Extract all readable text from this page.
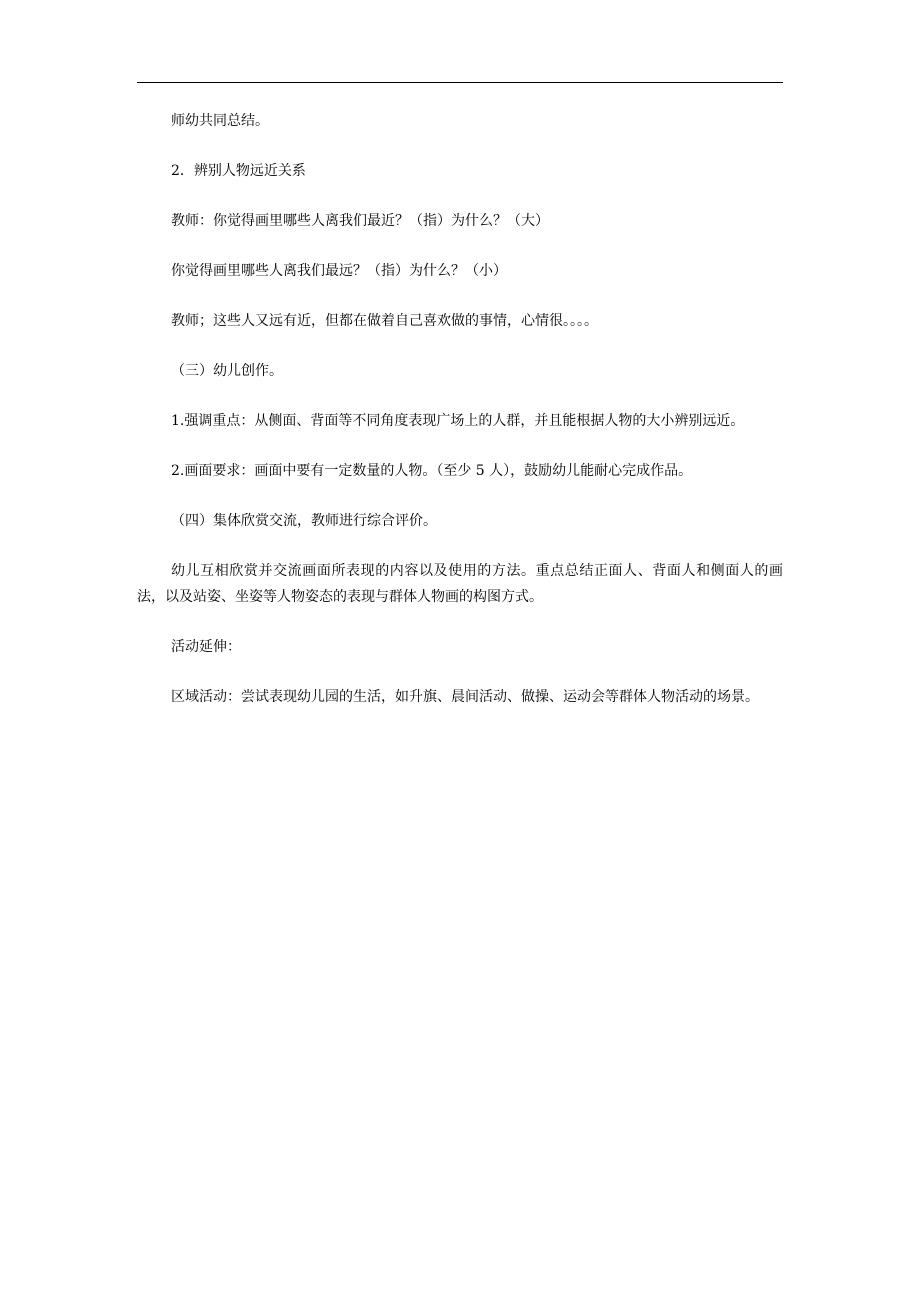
师幼共同总结。

2．辨别人物远近关系

教师：你觉得画里哪些人离我们最近？（指）为什么？（大）

你觉得画里哪些人离我们最远？（指）为什么？（小）

教师；这些人又远有近，但都在做着自己喜欢做的事情，心情很。。。。

（三）幼儿创作。

1.强调重点：从侧面、背面等不同角度表现广场上的人群，并且能根据人物的大小辨别远近。

2.画面要求：画面中要有一定数量的人物。（至少 5 人），鼓励幼儿能耐心完成作品。

（四）集体欣赏交流，教师进行综合评价。

幼儿互相欣赏并交流画面所表现的内容以及使用的方法。重点总结正面人、背面人和侧面人的画法，以及站姿、坐姿等人物姿态的表现与群体人物画的构图方式。

活动延伸：

区域活动：尝试表现幼儿园的生活，如升旗、晨间活动、做操、运动会等群体人物活动的场景。
